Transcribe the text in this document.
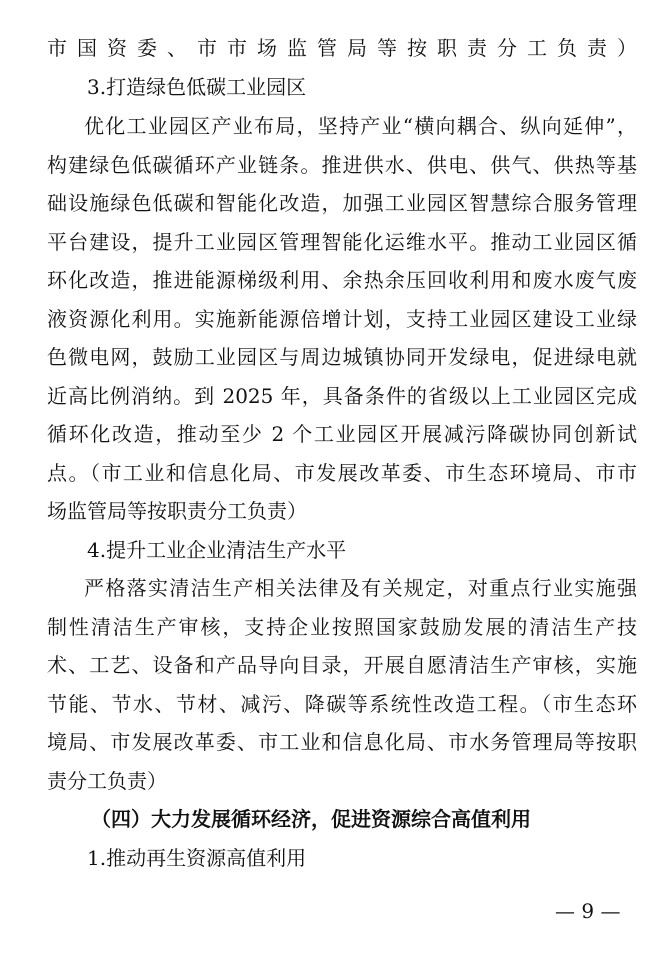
市国资委、市市场监管局等按职责分工负责）
3.打造绿色低碳工业园区
优化工业园区产业布局，坚持产业“横向耦合、纵向延伸”，
构建绿色低碳循环产业链条。推进供水、供电、供气、供热等基
础设施绿色低碳和智能化改造，加强工业园区智慧综合服务管理
平台建设，提升工业园区管理智能化运维水平。推动工业园区循
环化改造，推进能源梯级利用、余热余压回收利用和废水废气废
液资源化利用。实施新能源倍增计划，支持工业园区建设工业绿
色微电网，鼓励工业园区与周边城镇协同开发绿电，促进绿电就
近高比例消纳。到 2025 年，具备条件的省级以上工业园区完成
循环化改造，推动至少 2 个工业园区开展减污降碳协同创新试
点。（市工业和信息化局、市发展改革委、市生态环境局、市市
场监管局等按职责分工负责）
4.提升工业企业清洁生产水平
严格落实清洁生产相关法律及有关规定，对重点行业实施强
制性清洁生产审核，支持企业按照国家鼓励发展的清洁生产技
术、工艺、设备和产品导向目录，开展自愿清洁生产审核，实施
节能、节水、节材、减污、降碳等系统性改造工程。（市生态环
境局、市发展改革委、市工业和信息化局、市水务管理局等按职
责分工负责）
（四）大力发展循环经济，促进资源综合高值利用
1.推动再生资源高值利用
— 9 —
